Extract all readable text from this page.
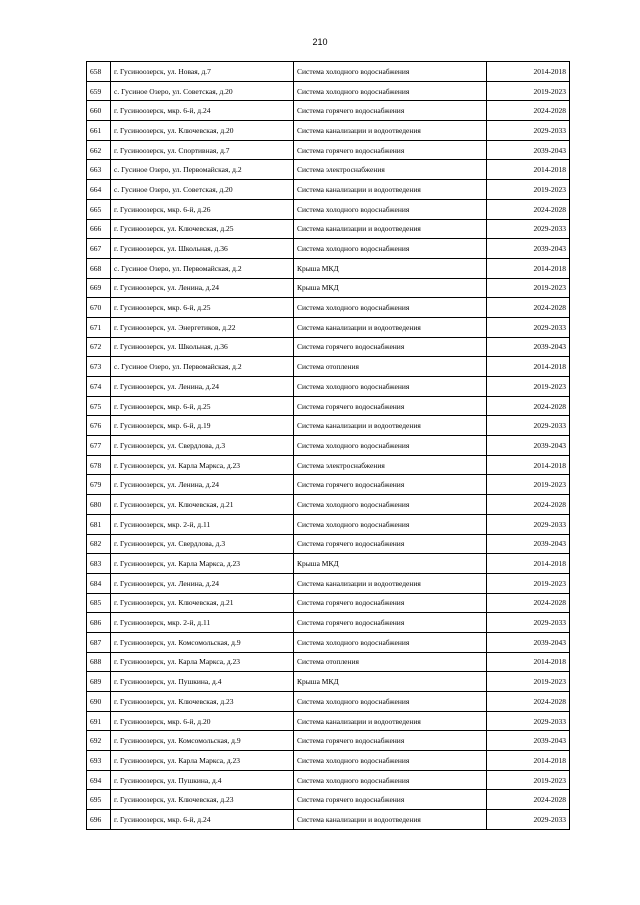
210
658	г. Гусиноозерск, ул. Новая, д.7	Система холодного водоснабжения	2014-2018
659	с. Гусиное Озеро, ул. Советская, д.20	Система холодного водоснабжения	2019-2023
660	г. Гусиноозерск, мкр. 6-й, д.24	Система горячего водоснабжения	2024-2028
661	г. Гусиноозерск, ул. Ключевская, д.20	Система канализации и водоотведения	2029-2033
662	г. Гусиноозерск, ул. Спортивная, д.7	Система горячего водоснабжения	2039-2043
663	с. Гусиное Озеро, ул. Первомайская, д.2	Система электроснабжения	2014-2018
664	с. Гусиное Озеро, ул. Советская, д.20	Система канализации и водоотведения	2019-2023
665	г. Гусиноозерск, мкр. 6-й, д.26	Система холодного водоснабжения	2024-2028
666	г. Гусиноозерск, ул. Ключевская, д.25	Система канализации и водоотведения	2029-2033
667	г. Гусиноозерск, ул. Школьная, д.36	Система холодного водоснабжения	2039-2043
668	с. Гусиное Озеро, ул. Первомайская, д.2	Крыша МКД	2014-2018
669	г. Гусиноозерск, ул. Ленина, д.24	Крыша МКД	2019-2023
670	г. Гусиноозерск, мкр. 6-й, д.25	Система холодного водоснабжения	2024-2028
671	г. Гусиноозерск, ул. Энергетиков, д.22	Система канализации и водоотведения	2029-2033
672	г. Гусиноозерск, ул. Школьная, д.36	Система горячего водоснабжения	2039-2043
673	с. Гусиное Озеро, ул. Первомайская, д.2	Система отопления	2014-2018
674	г. Гусиноозерск, ул. Ленина, д.24	Система холодного водоснабжения	2019-2023
675	г. Гусиноозерск, мкр. 6-й, д.25	Система горячего водоснабжения	2024-2028
676	г. Гусиноозерск, мкр. 6-й, д.19	Система канализации и водоотведения	2029-2033
677	г. Гусиноозерск, ул. Свердлова, д.3	Система холодного водоснабжения	2039-2043
678	г. Гусиноозерск, ул. Карла Маркса, д.23	Система электроснабжения	2014-2018
679	г. Гусиноозерск, ул. Ленина, д.24	Система горячего водоснабжения	2019-2023
680	г. Гусиноозерск, ул. Ключевская, д.21	Система холодного водоснабжения	2024-2028
681	г. Гусиноозерск, мкр. 2-й, д.11	Система холодного водоснабжения	2029-2033
682	г. Гусиноозерск, ул. Свердлова, д.3	Система горячего водоснабжения	2039-2043
683	г. Гусиноозерск, ул. Карла Маркса, д.23	Крыша МКД	2014-2018
684	г. Гусиноозерск, ул. Ленина, д.24	Система канализации и водоотведения	2019-2023
685	г. Гусиноозерск, ул. Ключевская, д.21	Система горячего водоснабжения	2024-2028
686	г. Гусиноозерск, мкр. 2-й, д.11	Система горячего водоснабжения	2029-2033
687	г. Гусиноозерск, ул. Комсомольская, д.9	Система холодного водоснабжения	2039-2043
688	г. Гусиноозерск, ул. Карла Маркса, д.23	Система отопления	2014-2018
689	г. Гусиноозерск, ул. Пушкина, д.4	Крыша МКД	2019-2023
690	г. Гусиноозерск, ул. Ключевская, д.23	Система холодного водоснабжения	2024-2028
691	г. Гусиноозерск, мкр. 6-й, д.20	Система канализации и водоотведения	2029-2033
692	г. Гусиноозерск, ул. Комсомольская, д.9	Система горячего водоснабжения	2039-2043
693	г. Гусиноозерск, ул. Карла Маркса, д.23	Система холодного водоснабжения	2014-2018
694	г. Гусиноозерск, ул. Пушкина, д.4	Система холодного водоснабжения	2019-2023
695	г. Гусиноозерск, ул. Ключевская, д.23	Система горячего водоснабжения	2024-2028
696	г. Гусиноозерск, мкр. 6-й, д.24	Система канализации и водоотведения	2029-2033
